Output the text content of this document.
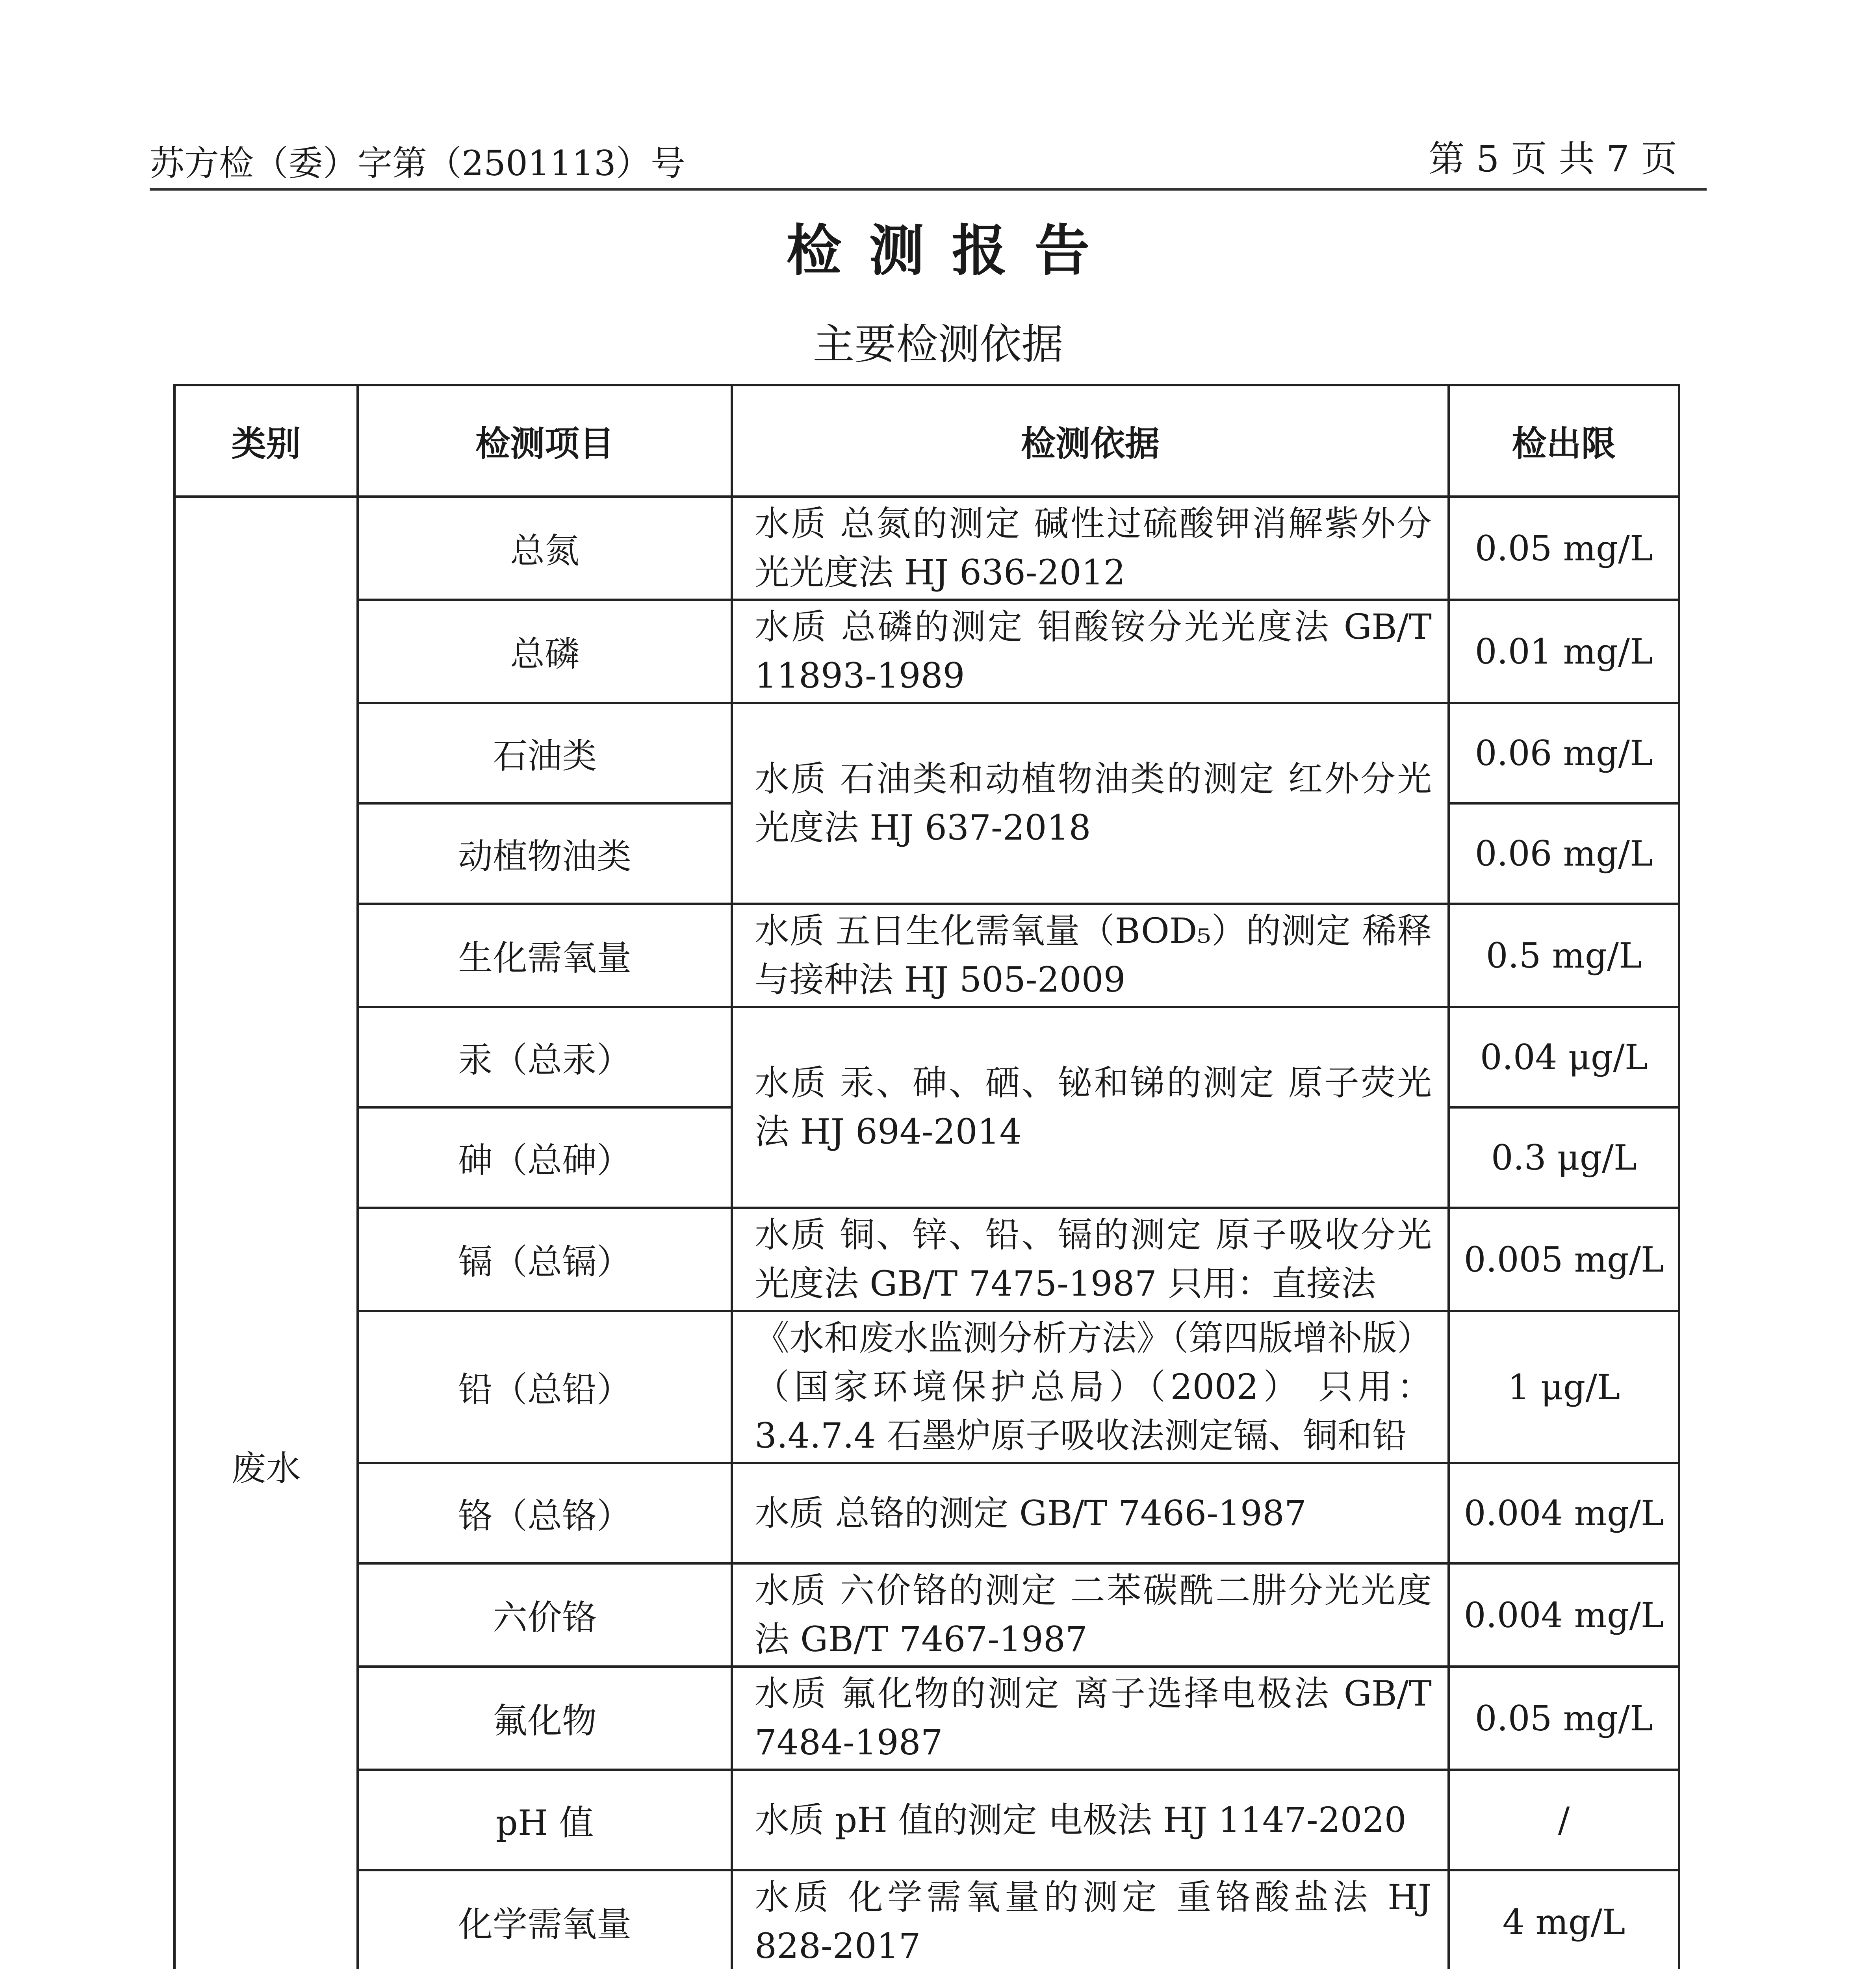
苏方检（委）字第（2501113）号	第 5 页 共 7 页
检测报告
主要检测依据
类别	检测项目	检测依据	检出限
废水	总氮	水质 总氮的测定 碱性过硫酸钾消解紫外分光光度法 HJ 636-2012	0.05 mg/L
	总磷	水质 总磷的测定 钼酸铵分光光度法 GB/T 11893-1989	0.01 mg/L
	石油类	水质 石油类和动植物油类的测定 红外分光光度法 HJ 637-2018	0.06 mg/L
	动植物油类		0.06 mg/L
	生化需氧量	水质 五日生化需氧量（BOD₅）的测定 稀释与接种法 HJ 505-2009	0.5 mg/L
	汞（总汞）	水质 汞、砷、硒、铋和锑的测定 原子荧光法 HJ 694-2014	0.04 μg/L
	砷（总砷）		0.3 μg/L
	镉（总镉）	水质 铜、锌、铅、镉的测定 原子吸收分光光度法 GB/T 7475-1987 只用：直接法	0.005 mg/L
	铅（总铅）	《水和废水监测分析方法》（第四版增补版）（国家环境保护总局）（2002） 只用：3.4.7.4 石墨炉原子吸收法测定镉、铜和铅	1 μg/L
	铬（总铬）	水质 总铬的测定 GB/T 7466-1987	0.004 mg/L
	六价铬	水质 六价铬的测定 二苯碳酰二肼分光光度法 GB/T 7467-1987	0.004 mg/L
	氟化物	水质 氟化物的测定 离子选择电极法 GB/T 7484-1987	0.05 mg/L
	pH 值	水质 pH 值的测定 电极法 HJ 1147-2020	/
	化学需氧量	水质 化学需氧量的测定 重铬酸盐法 HJ 828-2017	4 mg/L
